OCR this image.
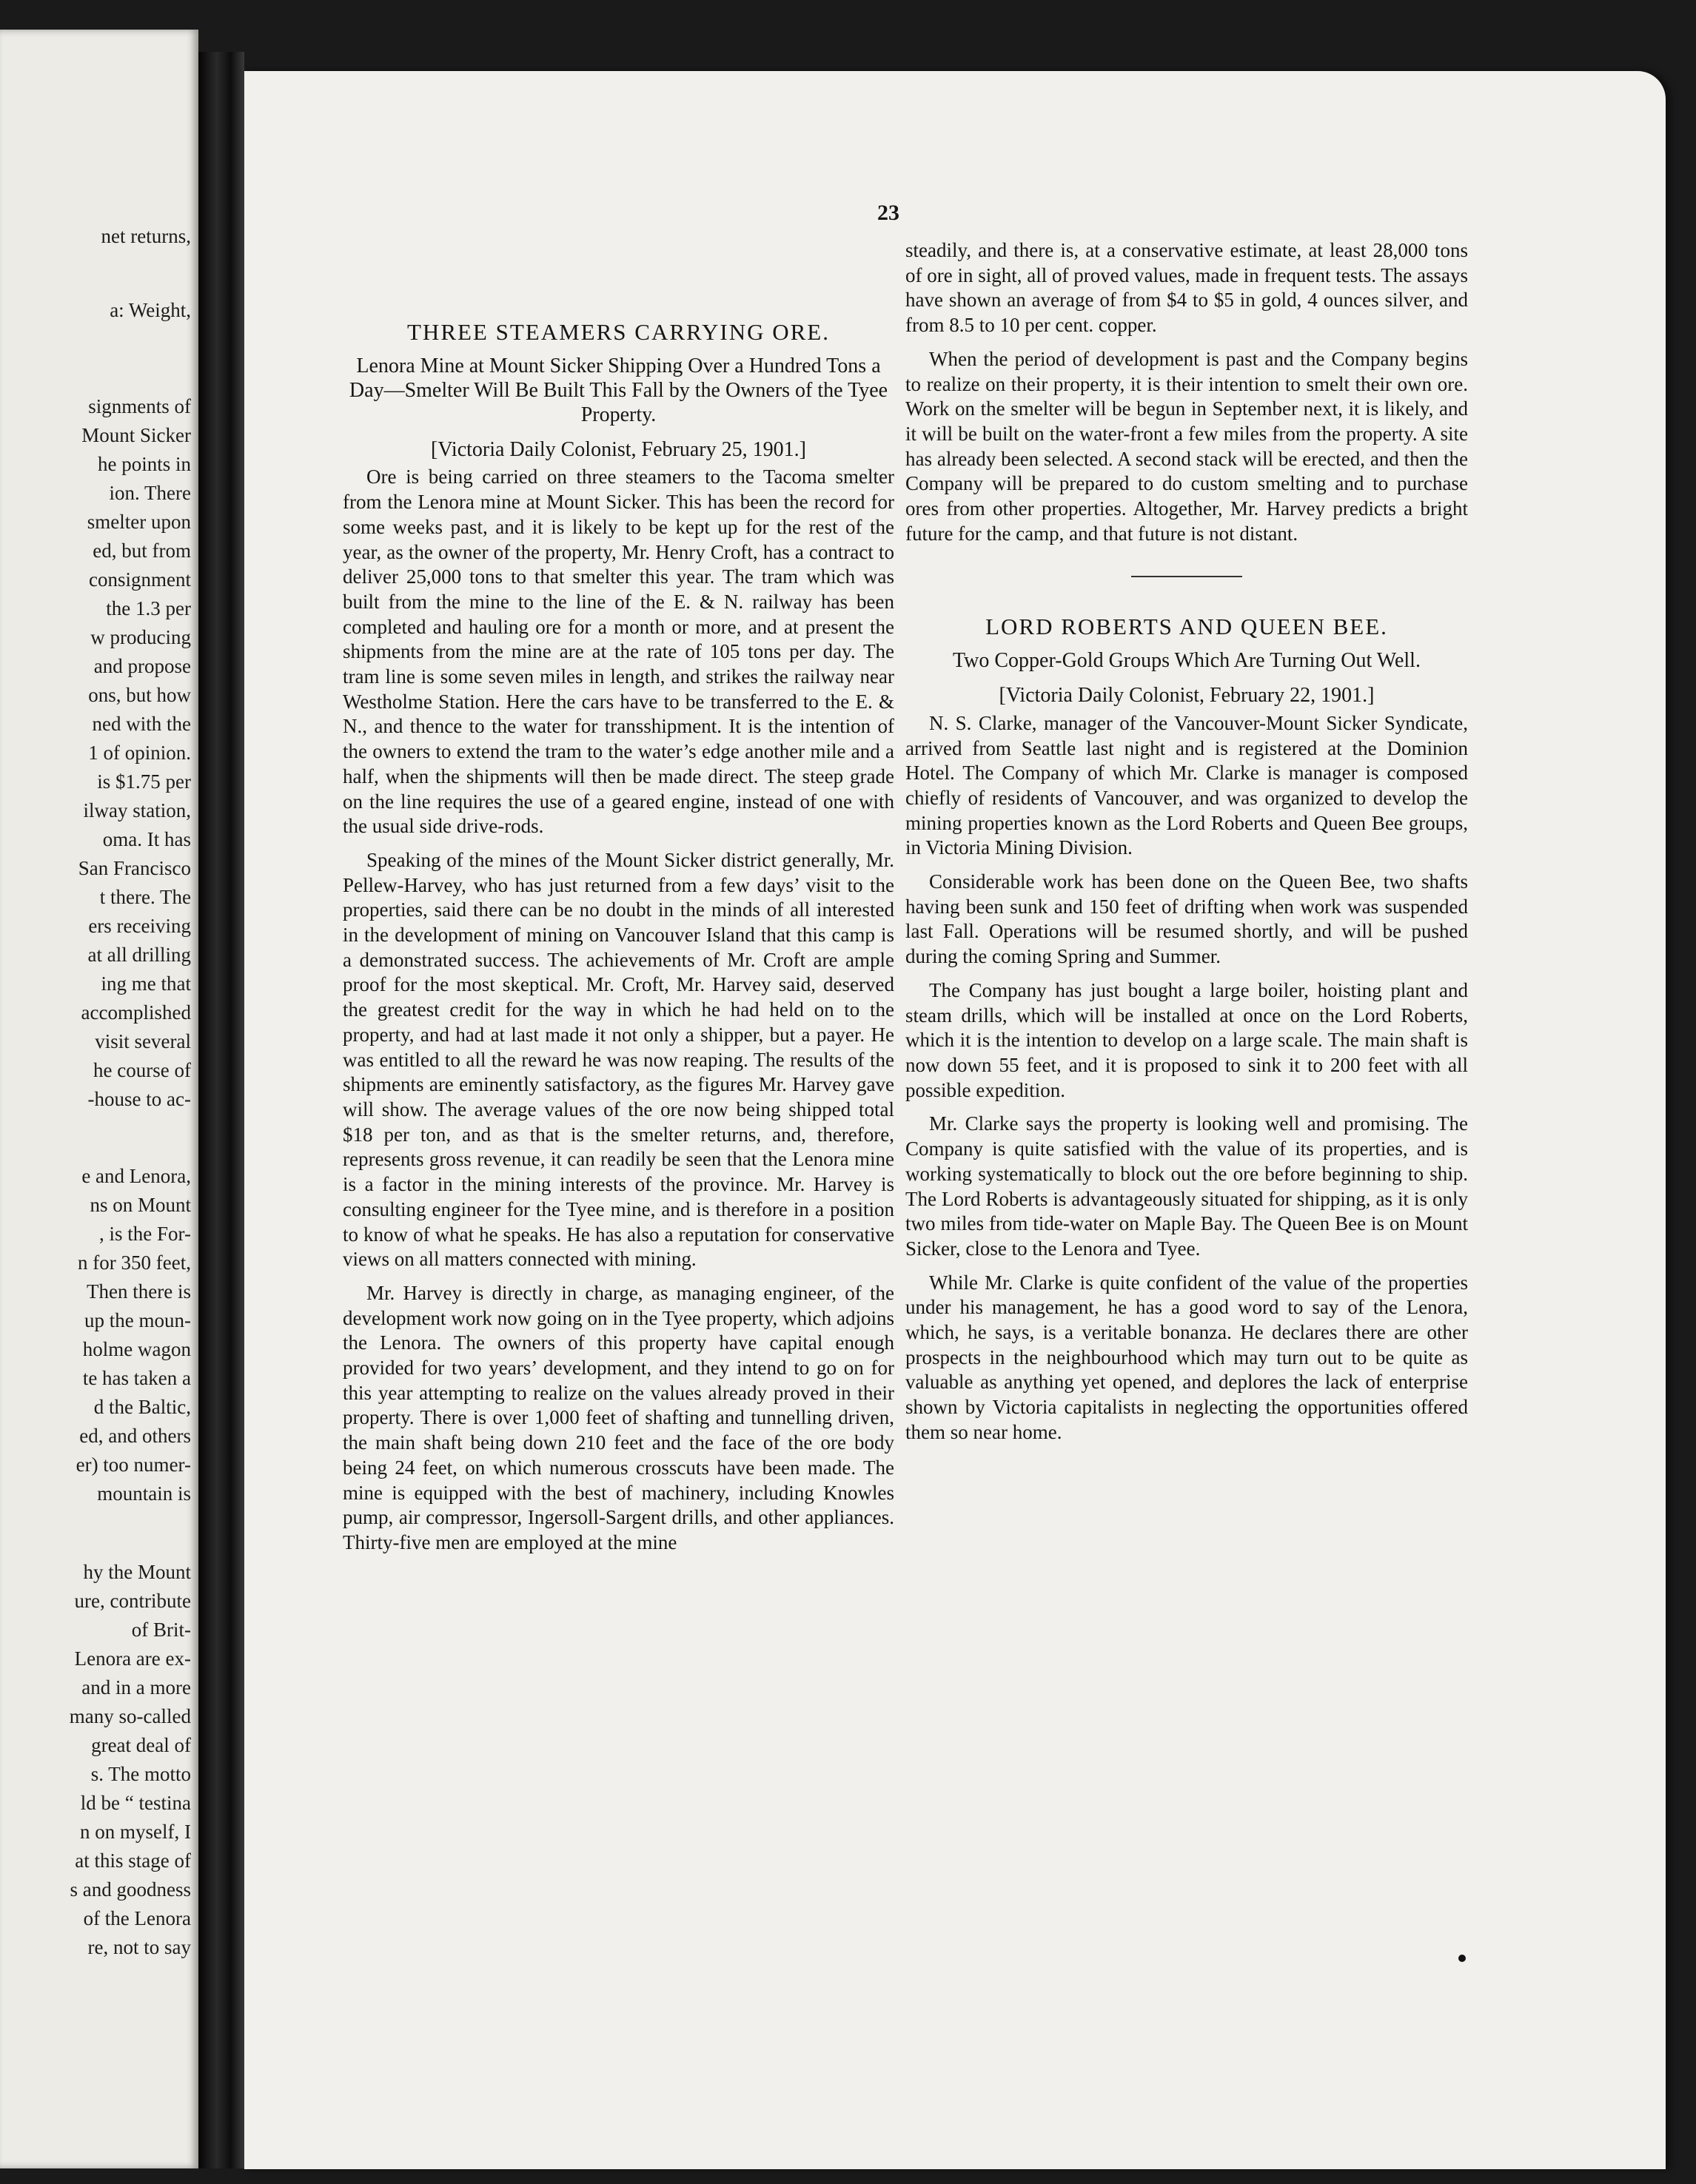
net returns,
a: Weight,
signments of
Mount Sicker
he points in
ion. There
smelter upon
ed, but from
consignment
the 1.3 per
w producing
and propose
ons, but how
ned with the
1 of opinion.
is $1.75 per
ilway station,
oma. It has
San Francisco
t there. The
ers receiving
at all drilling
ing me that
accomplished
visit several
he course of
-house to ac-
e and Lenora,
ns on Mount
, is the For-
n for 350 feet,
Then there is
up the moun-
holme wagon
te has taken a
d the Baltic,
ed, and others
er) too numer-
mountain is
hy the Mount
ure, contribute
of Brit-
Lenora are ex-
and in a more
many so-called
great deal of
s. The motto
ld be “ testina
n on myself, I
at this stage of
s and goodness
of the Lenora
re, not to say
23
THREE STEAMERS CARRYING ORE.
Lenora Mine at Mount Sicker Shipping Over a Hundred Tons a Day—Smelter Will Be Built This Fall by the Owners of the Tyee Property.
[Victoria Daily Colonist, February 25, 1901.]

Ore is being carried on three steamers to the Tacoma smelter from the Lenora mine at Mount Sicker. This has been the record for some weeks past, and it is likely to be kept up for the rest of the year, as the owner of the property, Mr. Henry Croft, has a contract to deliver 25,000 tons to that smelter this year. The tram which was built from the mine to the line of the E. & N. railway has been completed and hauling ore for a month or more, and at present the shipments from the mine are at the rate of 105 tons per day. The tram line is some seven miles in length, and strikes the railway near Westholme Station. Here the cars have to be transferred to the E. & N., and thence to the water for transshipment. It is the intention of the owners to extend the tram to the water’s edge another mile and a half, when the shipments will then be made direct. The steep grade on the line requires the use of a geared engine, instead of one with the usual side drive-rods.

Speaking of the mines of the Mount Sicker district generally, Mr. Pellew-Harvey, who has just returned from a few days’ visit to the properties, said there can be no doubt in the minds of all interested in the development of mining on Vancouver Island that this camp is a demonstrated success. The achievements of Mr. Croft are ample proof for the most skeptical. Mr. Croft, Mr. Harvey said, deserved the greatest credit for the way in which he had held on to the property, and had at last made it not only a shipper, but a payer. He was entitled to all the reward he was now reaping. The results of the shipments are eminently satisfactory, as the figures Mr. Harvey gave will show. The average values of the ore now being shipped total $18 per ton, and as that is the smelter returns, and, therefore, represents gross revenue, it can readily be seen that the Lenora mine is a factor in the mining interests of the province. Mr. Harvey is consulting engineer for the Tyee mine, and is therefore in a position to know of what he speaks. He has also a reputation for conservative views on all matters connected with mining.

Mr. Harvey is directly in charge, as managing engineer, of the development work now going on in the Tyee property, which adjoins the Lenora. The owners of this property have capital enough provided for two years’ development, and they intend to go on for this year attempting to realize on the values already proved in their property. There is over 1,000 feet of shafting and tunnelling driven, the main shaft being down 210 feet and the face of the ore body being 24 feet, on which numerous crosscuts have been made. The mine is equipped with the best of machinery, including Knowles pump, air compressor, Ingersoll-Sargent drills, and other appliances. Thirty-five men are employed at the mine

steadily, and there is, at a conservative estimate, at least 28,000 tons of ore in sight, all of proved values, made in frequent tests. The assays have shown an average of from $4 to $5 in gold, 4 ounces silver, and from 8.5 to 10 per cent. copper.

When the period of development is past and the Company begins to realize on their property, it is their intention to smelt their own ore. Work on the smelter will be begun in September next, it is likely, and it will be built on the water-front a few miles from the property. A site has already been selected. A second stack will be erected, and then the Company will be prepared to do custom smelting and to purchase ores from other properties. Altogether, Mr. Harvey predicts a bright future for the camp, and that future is not distant.

LORD ROBERTS AND QUEEN BEE.
Two Copper-Gold Groups Which Are Turning Out Well.
[Victoria Daily Colonist, February 22, 1901.]

N. S. Clarke, manager of the Vancouver-Mount Sicker Syndicate, arrived from Seattle last night and is registered at the Dominion Hotel. The Company of which Mr. Clarke is manager is composed chiefly of residents of Vancouver, and was organized to develop the mining properties known as the Lord Roberts and Queen Bee groups, in Victoria Mining Division.

Considerable work has been done on the Queen Bee, two shafts having been sunk and 150 feet of drifting when work was suspended last Fall. Operations will be resumed shortly, and will be pushed during the coming Spring and Summer.

The Company has just bought a large boiler, hoisting plant and steam drills, which will be installed at once on the Lord Roberts, which it is the intention to develop on a large scale. The main shaft is now down 55 feet, and it is proposed to sink it to 200 feet with all possible expedition.

Mr. Clarke says the property is looking well and promising. The Company is quite satisfied with the value of its properties, and is working systematically to block out the ore before beginning to ship. The Lord Roberts is advantageously situated for shipping, as it is only two miles from tide-water on Maple Bay. The Queen Bee is on Mount Sicker, close to the Lenora and Tyee.

While Mr. Clarke is quite confident of the value of the properties under his management, he has a good word to say of the Lenora, which, he says, is a veritable bonanza. He declares there are other prospects in the neighbourhood which may turn out to be quite as valuable as anything yet opened, and deplores the lack of enterprise shown by Victoria capitalists in neglecting the opportunities offered them so near home.
